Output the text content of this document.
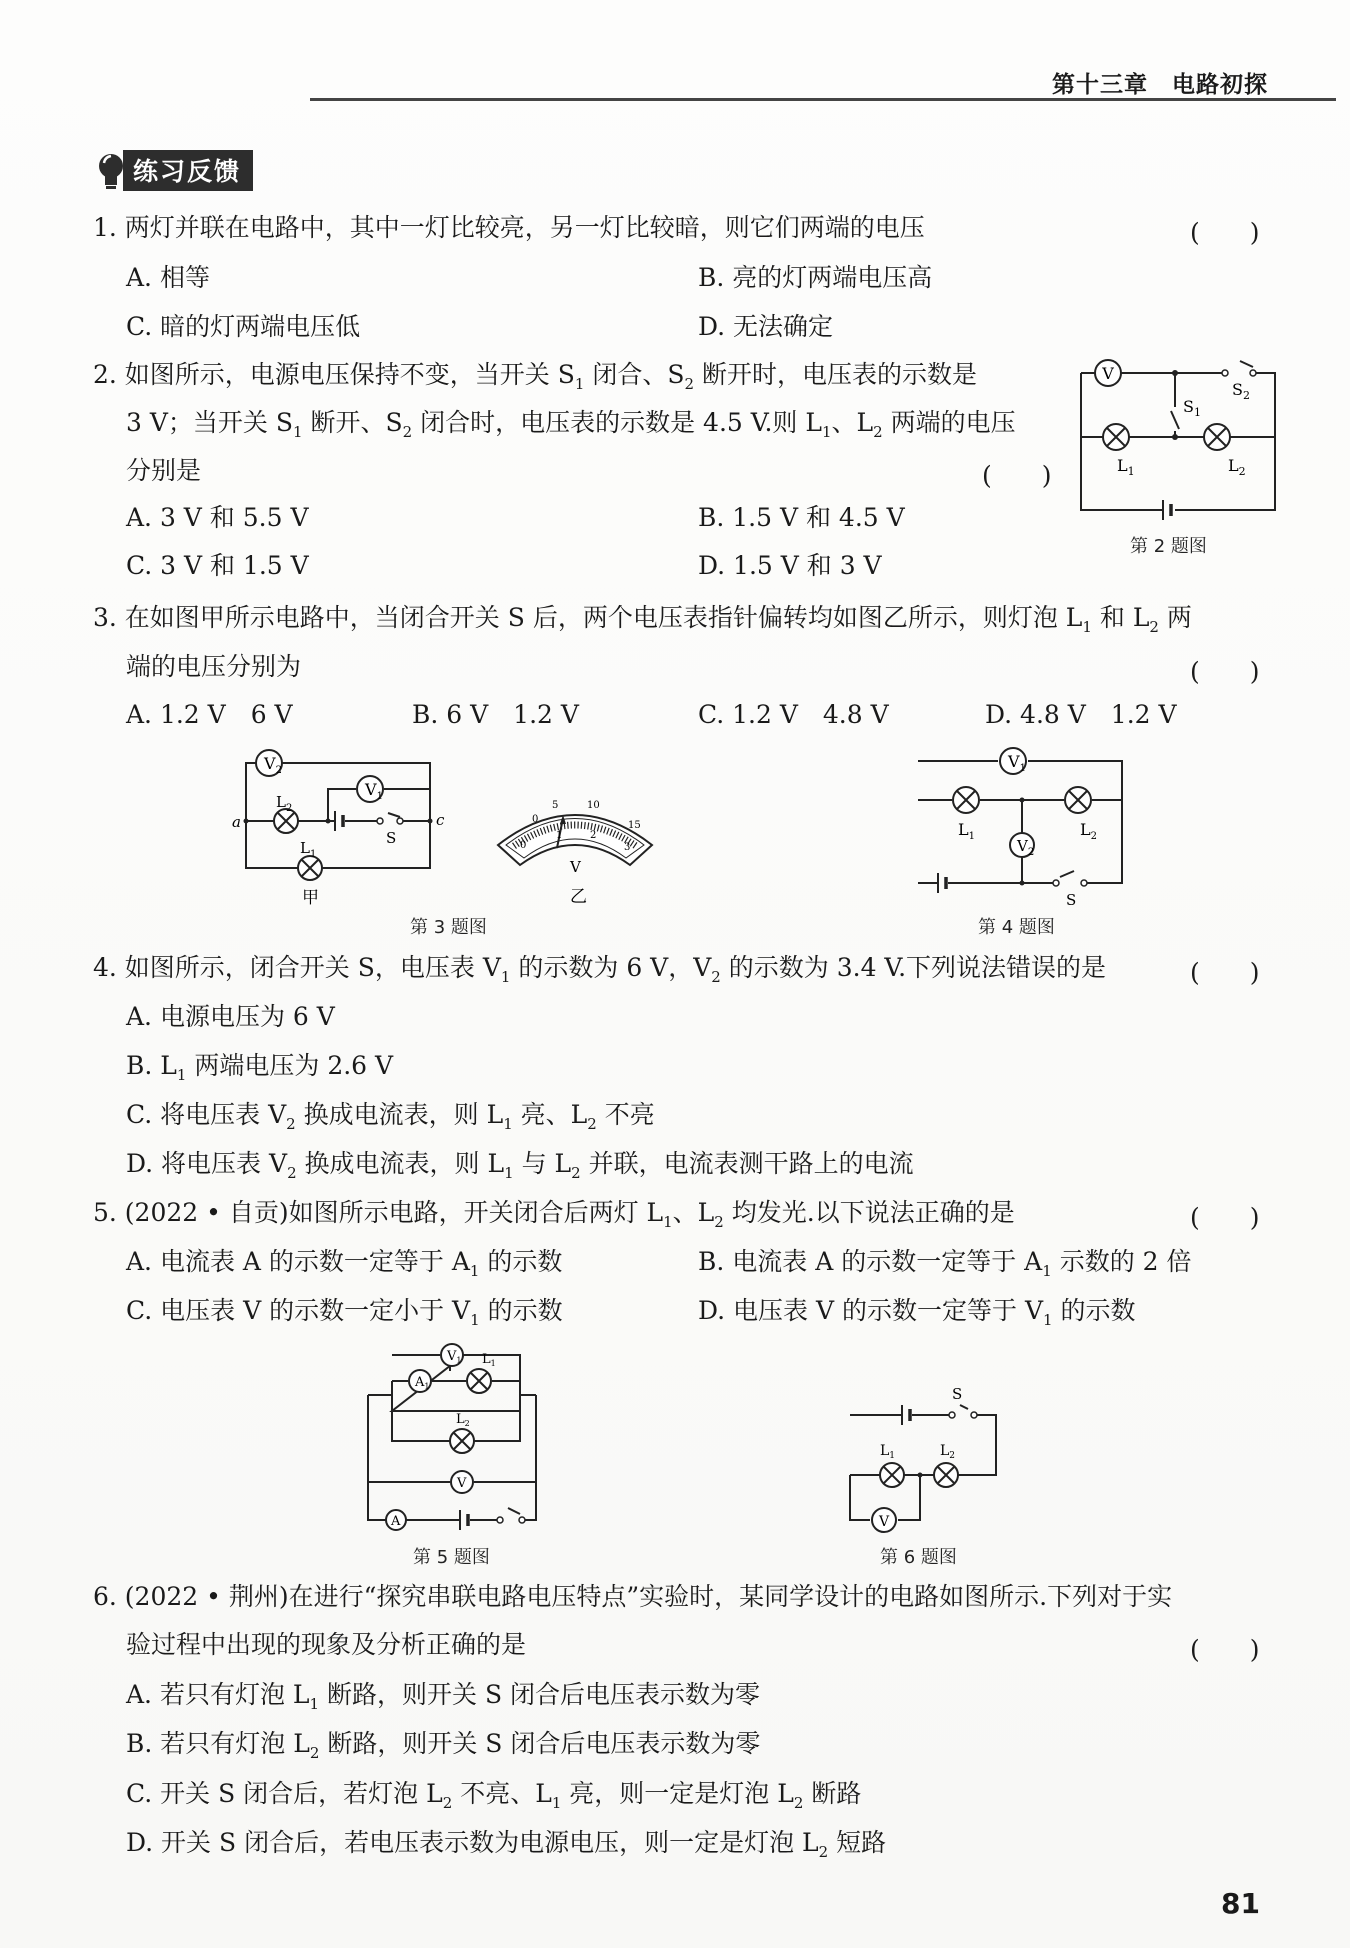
第十三章　电路初探
练习反馈
1. 两灯并联在电路中，其中一灯比较亮，另一灯比较暗，则它们两端的电压	(　　)
A. 相等	B. 亮的灯两端电压高
C. 暗的灯两端电压低	D. 无法确定
2. 如图所示，电源电压保持不变，当开关 $S_1$ 闭合、$S_2$ 断开时，电压表的示数是
3 V；当开关 $S_1$ 断开、$S_2$ 闭合时，电压表的示数是 4.5 V.则 $L_1$、$L_2$ 两端的电压
分别是	(　　)
A. 3 V 和 5.5 V	B. 1.5 V 和 4.5 V
C. 3 V 和 1.5 V	D. 1.5 V 和 3 V
V
$S_1$
$S_2$
$L_1$	$L_2$
第 2 题图
3. 在如图甲所示电路中，当闭合开关 S 后，两个电压表指针偏转均如图乙所示，则灯泡 $L_1$ 和 $L_2$ 两
端的电压分别为	(　　)
A. 1.2 V　6 V	B. 6 V　1.2 V	C. 1.2 V　4.8 V	D. 4.8 V　1.2 V
$V_2$
$V_1$
$L_2$
$L_1$
S
a	c
甲
0
5	10
15
0
1	2
3
V
乙
第 3 题图
$V_1$
$V_2$
$L_1$	$L_2$
S
第 4 题图
4. 如图所示，闭合开关 S，电压表 $V_1$ 的示数为 6 V，$V_2$ 的示数为 3.4 V.下列说法错误的是	(　　)
A. 电源电压为 6 V
B. $L_1$ 两端电压为 2.6 V
C. 将电压表 $V_2$ 换成电流表，则 $L_1$ 亮、$L_2$ 不亮
D. 将电压表 $V_2$ 换成电流表，则 $L_1$ 与 $L_2$ 并联，电流表测干路上的电流
5. (2022 • 自贡)如图所示电路，开关闭合后两灯 $L_1$、$L_2$ 均发光.以下说法正确的是	(　　)
A. 电流表 A 的示数一定等于 $A_1$ 的示数	B. 电流表 A 的示数一定等于 $A_1$ 示数的 2 倍
C. 电压表 V 的示数一定小于 $V_1$ 的示数	D. 电压表 V 的示数一定等于 $V_1$ 的示数
$V_1$
$A_1$
V
A
$L_1$
$L_2$
第 5 题图
V
S
$L_1$	$L_2$
第 6 题图
6. (2022 • 荆州)在进行“探究串联电路电压特点”实验时，某同学设计的电路如图所示.下列对于实
验过程中出现的现象及分析正确的是	(　　)
A. 若只有灯泡 $L_1$ 断路，则开关 S 闭合后电压表示数为零
B. 若只有灯泡 $L_2$ 断路，则开关 S 闭合后电压表示数为零
C. 开关 S 闭合后，若灯泡 $L_2$ 不亮、$L_1$ 亮，则一定是灯泡 $L_2$ 断路
D. 开关 S 闭合后，若电压表示数为电源电压，则一定是灯泡 $L_2$ 短路
81
